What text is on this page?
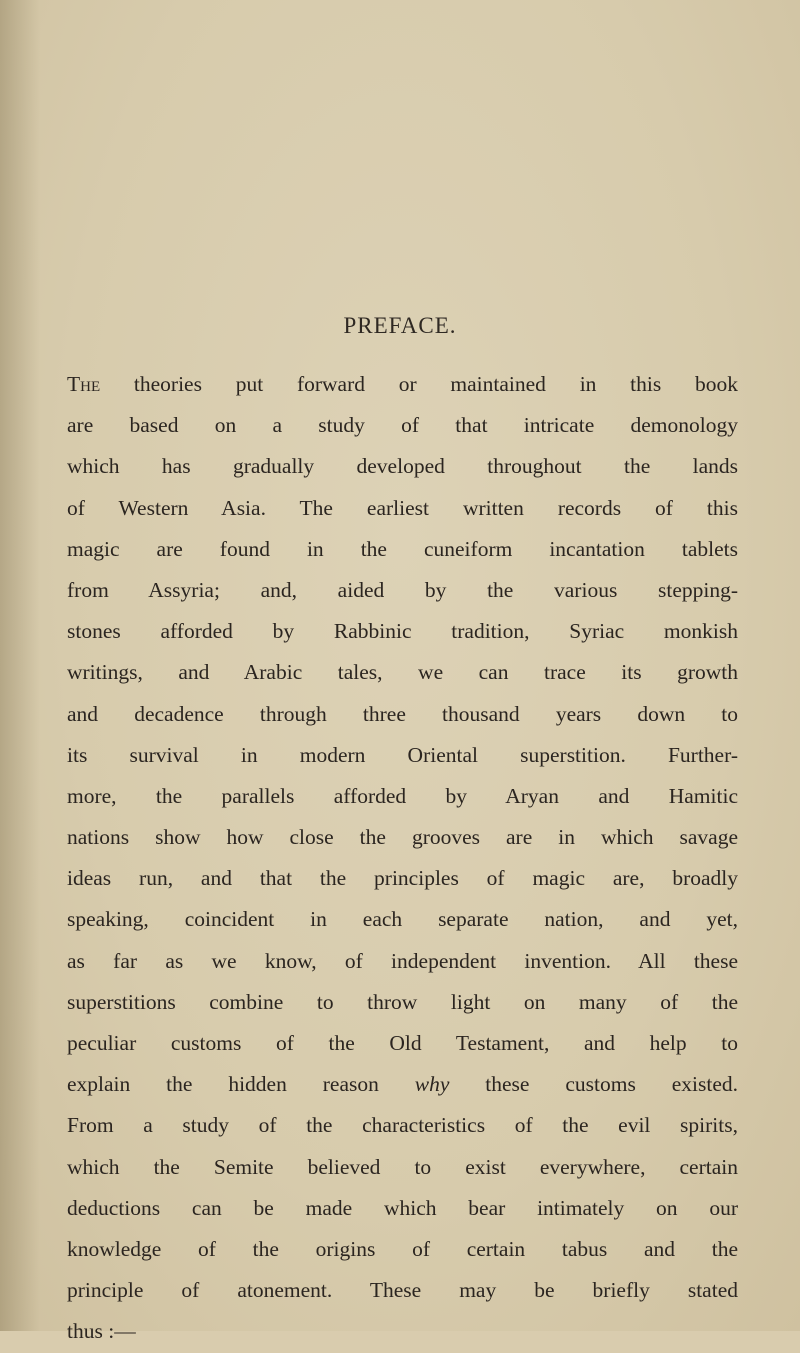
PREFACE.
The theories put forward or maintained in this book
are based on a study of that intricate demonology
which has gradually developed throughout the lands
of Western Asia. The earliest written records of this
magic are found in the cuneiform incantation tablets
from Assyria; and, aided by the various stepping-
stones afforded by Rabbinic tradition, Syriac monkish
writings, and Arabic tales, we can trace its growth
and decadence through three thousand years down to
its survival in modern Oriental superstition. Further-
more, the parallels afforded by Aryan and Hamitic
nations show how close the grooves are in which savage
ideas run, and that the principles of magic are, broadly
speaking, coincident in each separate nation, and yet,
as far as we know, of independent invention. All these
superstitions combine to throw light on many of the
peculiar customs of the Old Testament, and help to
explain the hidden reason why these customs existed.
From a study of the characteristics of the evil spirits,
which the Semite believed to exist everywhere, certain
deductions can be made which bear intimately on our
knowledge of the origins of certain tabus and the
principle of atonement. These may be briefly stated
thus :—
